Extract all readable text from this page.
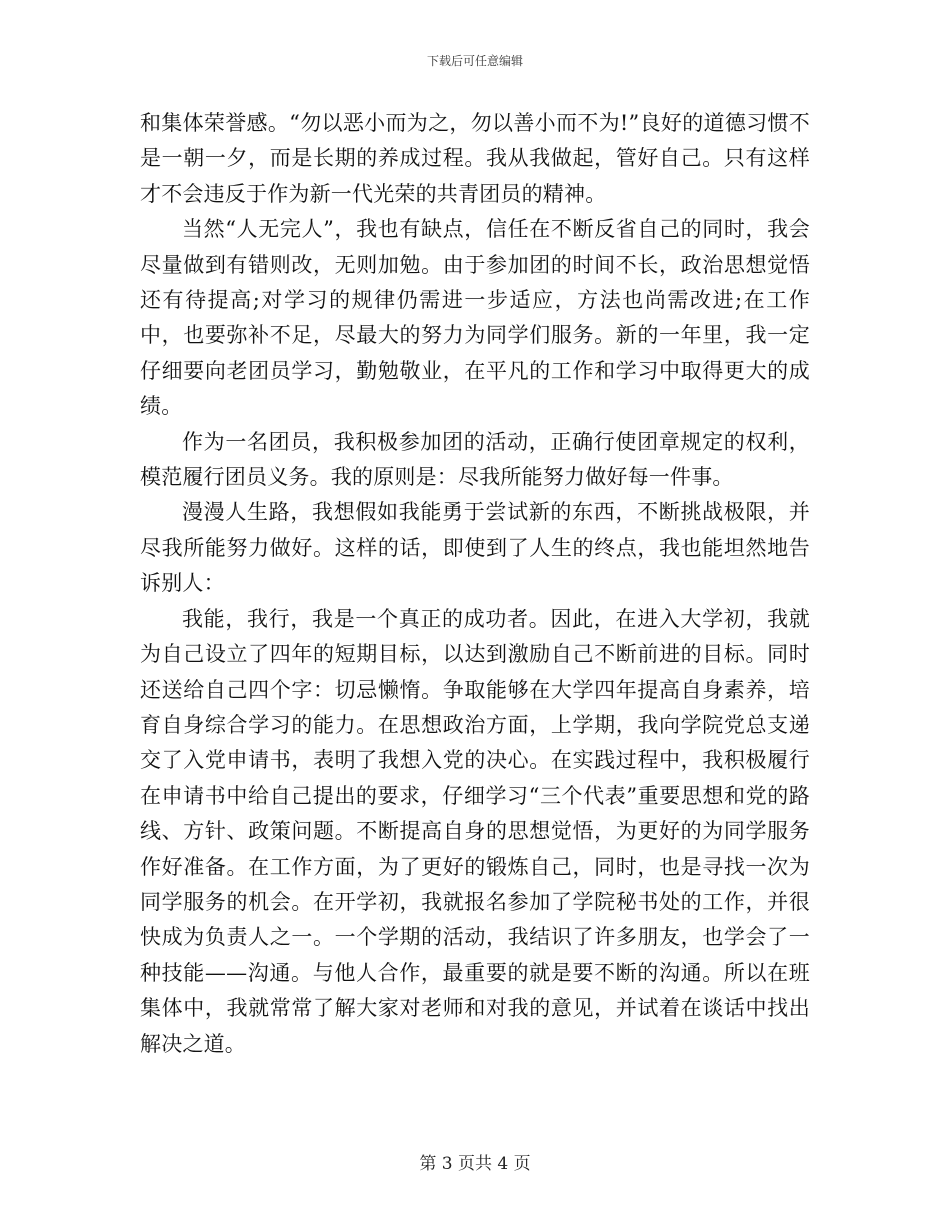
下载后可任意编辑

和集体荣誉感。“勿以恶小而为之，勿以善小而不为!”良好的道德习惯不是一朝一夕，而是长期的养成过程。我从我做起，管好自己。只有这样才不会违反于作为新一代光荣的共青团员的精神。

当然“人无完人”，我也有缺点，信任在不断反省自己的同时，我会尽量做到有错则改，无则加勉。由于参加团的时间不长，政治思想觉悟还有待提高;对学习的规律仍需进一步适应，方法也尚需改进;在工作中，也要弥补不足，尽最大的努力为同学们服务。新的一年里，我一定仔细要向老团员学习，勤勉敬业，在平凡的工作和学习中取得更大的成绩。

作为一名团员，我积极参加团的活动，正确行使团章规定的权利，模范履行团员义务。我的原则是：尽我所能努力做好每一件事。

漫漫人生路，我想假如我能勇于尝试新的东西，不断挑战极限，并尽我所能努力做好。这样的话，即使到了人生的终点，我也能坦然地告诉别人：

我能，我行，我是一个真正的成功者。因此，在进入大学初，我就为自己设立了四年的短期目标，以达到激励自己不断前进的目标。同时还送给自己四个字：切忌懒惰。争取能够在大学四年提高自身素养，培育自身综合学习的能力。在思想政治方面，上学期，我向学院党总支递交了入党申请书，表明了我想入党的决心。在实践过程中，我积极履行在申请书中给自己提出的要求，仔细学习“三个代表”重要思想和党的路线、方针、政策问题。不断提高自身的思想觉悟，为更好的为同学服务作好准备。在工作方面，为了更好的锻炼自己，同时，也是寻找一次为同学服务的机会。在开学初，我就报名参加了学院秘书处的工作，并很快成为负责人之一。一个学期的活动，我结识了许多朋友，也学会了一种技能——沟通。与他人合作，最重要的就是要不断的沟通。所以在班集体中，我就常常了解大家对老师和对我的意见，并试着在谈话中找出解决之道。

第 3 页共 4 页
